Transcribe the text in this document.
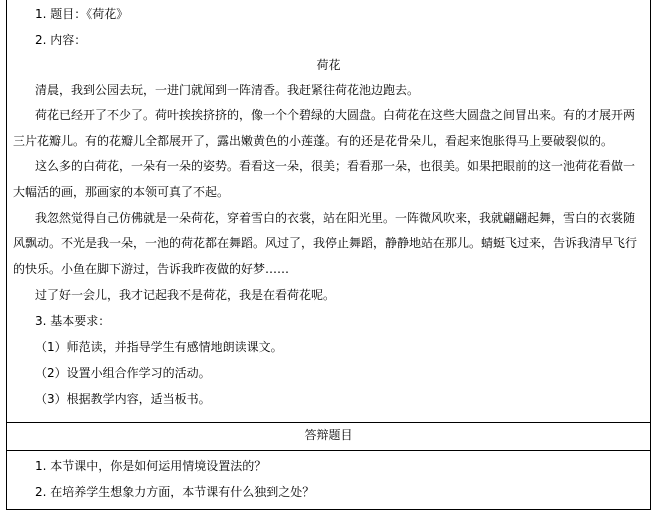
1. 题目：《荷花》
2. 内容：
荷花
清晨，我到公园去玩，一进门就闻到一阵清香。我赶紧往荷花池边跑去。
荷花已经开了不少了。荷叶挨挨挤挤的，像一个个碧绿的大圆盘。白荷花在这些大圆盘之间冒出来。有的才展开两
三片花瓣儿。有的花瓣儿全都展开了，露出嫩黄色的小莲蓬。有的还是花骨朵儿，看起来饱胀得马上要破裂似的。
这么多的白荷花，一朵有一朵的姿势。看看这一朵，很美；看看那一朵，也很美。如果把眼前的这一池荷花看做一
大幅活的画，那画家的本领可真了不起。
我忽然觉得自己仿佛就是一朵荷花，穿着雪白的衣裳，站在阳光里。一阵微风吹来，我就翩翩起舞，雪白的衣裳随
风飘动。不光是我一朵，一池的荷花都在舞蹈。风过了，我停止舞蹈，静静地站在那儿。蜻蜓飞过来，告诉我清早飞行
的快乐。小鱼在脚下游过，告诉我昨夜做的好梦……
过了好一会儿，我才记起我不是荷花，我是在看荷花呢。
3. 基本要求：
（1）师范读，并指导学生有感情地朗读课文。
（2）设置小组合作学习的活动。
（3）根据教学内容，适当板书。
答辩题目
1. 本节课中，你是如何运用情境设置法的？
2. 在培养学生想象力方面，本节课有什么独到之处？
